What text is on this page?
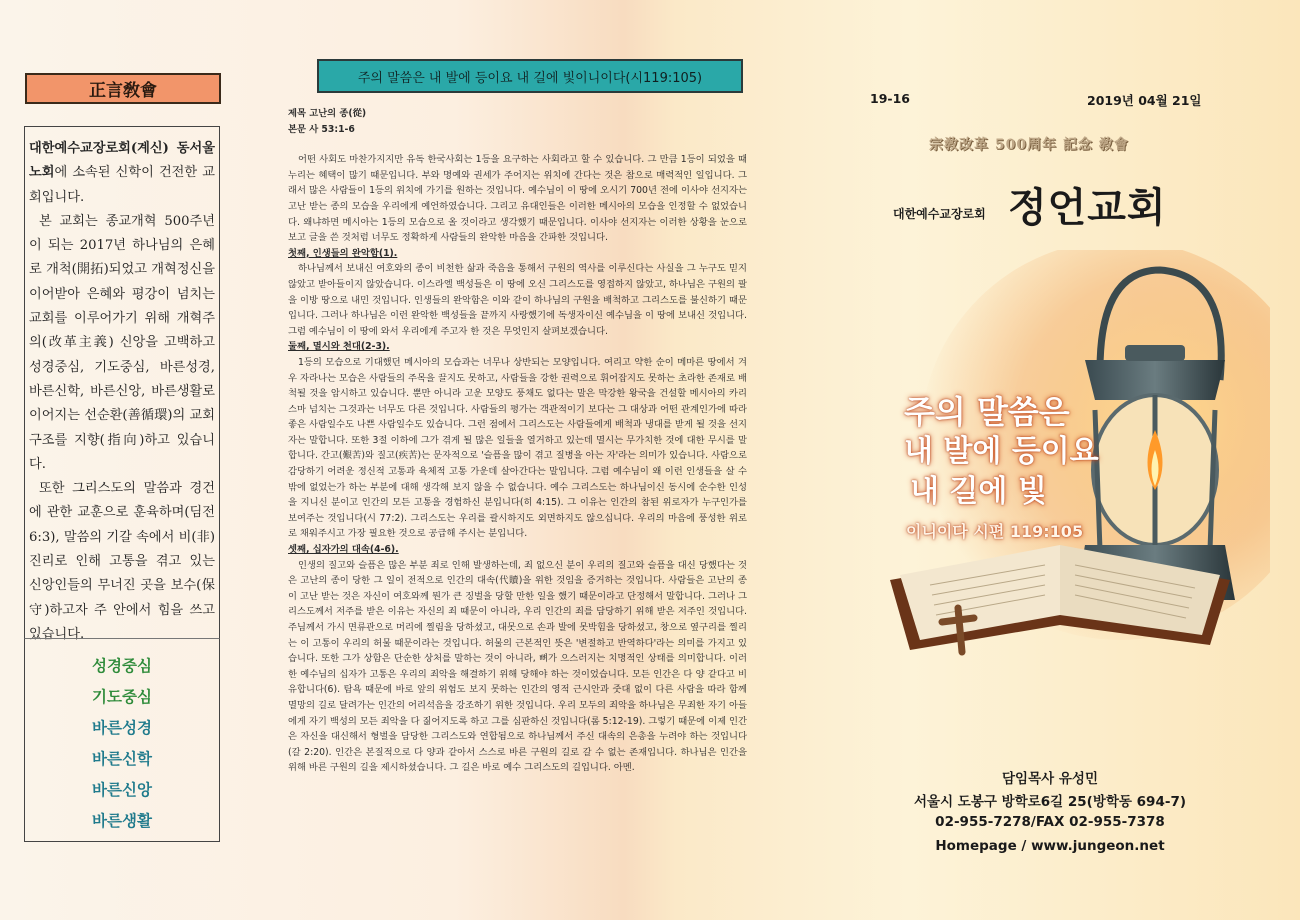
正言敎會

대한예수교장로회(계신) 동서울 노회에 소속된 신학이 건전한 교회입니다.

본 교회는 종교개혁 500주년이 되는 2017년 하나님의 은혜로 개척(開拓)되었고 개혁정신을 이어받아 은혜와 평강이 넘치는 교회를 이루어가기 위해 개혁주의(改革主義) 신앙을 고백하고 성경중심, 기도중심, 바른성경, 바른신학, 바른신앙, 바른생활로 이어지는 선순환(善循環)의 교회 구조를 지향(指向)하고 있습니다.

또한 그리스도의 말씀과 경건에 관한 교훈으로 훈육하며(딤전 6:3), 말씀의 기갈 속에서 비(非) 진리로 인해 고통을 겪고 있는 신앙인들의 무너진 곳을 보수(保守)하고자 주 안에서 힘을 쓰고 있습니다.

성경중심
기도중심
바른성경
바른신학
바른신앙
바른생활
주의 말씀은 내 발에 등이요 내 길에 빛이니이다(시119:105)

제목 고난의 종(從)

본문 사 53:1-6

어떤 사회도 마찬가지지만 유독 한국사회는 1등을 요구하는 사회라고 할 수 있습니다. 그 만큼 1등이 되었을 때 누리는 혜택이 많기 때문입니다. 부와 명예와 권세가 주어지는 위치에 간다는 것은 참으로 매력적인 일입니다. 그래서 많은 사람들이 1등의 위치에 가기를 원하는 것입니다. 예수님이 이 땅에 오시기 700년 전에 이사야 선지자는 고난 받는 종의 모습을 우리에게 예언하였습니다. 그리고 유대인들은 이러한 메시아의 모습을 인정할 수 없었습니다. 왜냐하면 메시아는 1등의 모습으로 올 것이라고 생각했기 때문입니다. 이사야 선지자는 이러한 상황을 눈으로 보고 글을 쓴 것처럼 너무도 정확하게 사람들의 완악한 마음을 간파한 것입니다.

첫째, 인생들의 완악함(1).

하나님께서 보내신 여호와의 종이 비천한 삶과 죽음을 통해서 구원의 역사를 이루신다는 사실을 그 누구도 믿지 않았고 받아들이지 않았습니다. 이스라엘 백성들은 이 땅에 오신 그리스도를 영접하지 않았고, 하나님은 구원의 팔을 이방 땅으로 내민 것입니다. 인생들의 완악함은 이와 같이 하나님의 구원을 배척하고 그리스도를 불신하기 때문입니다. 그러나 하나님은 이런 완악한 백성들을 끝까지 사랑했기에 독생자이신 예수님을 이 땅에 보내신 것입니다. 그럼 예수님이 이 땅에 와서 우리에게 주고자 한 것은 무엇인지 살펴보겠습니다.

둘째, 멸시와 천대(2-3).

1등의 모습으로 기대했던 메시아의 모습과는 너무나 상반되는 모양입니다. 여리고 약한 순이 메마른 땅에서 겨우 자라나는 모습은 사람들의 주목을 끌지도 못하고, 사람들을 강한 권력으로 휘어잡지도 못하는 초라한 존재로 배척될 것을 암시하고 있습니다. 뿐만 아니라 고운 모양도 풍채도 없다는 말은 막강한 왕국을 건설할 메시아의 카리스마 넘치는 그것과는 너무도 다른 것입니다. 사람들의 평가는 객관적이기 보다는 그 대상과 어떤 관계인가에 따라 좋은 사람일수도 나쁜 사람일수도 있습니다. 그런 점에서 그리스도는 사람들에게 배척과 냉대를 받게 될 것을 선지자는 말합니다. 또한 3절 이하에 그가 겪게 될 많은 일들을 열거하고 있는데 멸시는 무가치한 것에 대한 무시를 말합니다. 간고(艱苦)와 질고(疾苦)는 문자적으로 '슬픔을 많이 겪고 질병을 아는 자'라는 의미가 있습니다. 사람으로 감당하기 어려운 정신적 고통과 육체적 고통 가운데 살아간다는 말입니다. 그럼 예수님이 왜 이런 인생들을 살 수 밖에 없었는가 하는 부분에 대해 생각해 보지 않을 수 없습니다. 예수 그리스도는 하나님이신 동시에 순수한 인성을 지니신 분이고 인간의 모든 고통을 경험하신 분입니다(히 4:15). 그 이유는 인간의 참된 위로자가 누구인가를 보여주는 것입니다(시 77:2). 그리스도는 우리를 괄시하지도 외면하지도 않으십니다. 우리의 마음에 풍성한 위로로 채워주시고 가장 필요한 것으로 공급해 주시는 분입니다.

셋째, 십자가의 대속(4-6).

인생의 질고와 슬픔은 많은 부분 죄로 인해 발생하는데, 죄 없으신 분이 우리의 질고와 슬픔을 대신 당했다는 것은 고난의 종이 당한 그 일이 전적으로 인간의 대속(代贖)을 위한 것임을 증거하는 것입니다. 사람들은 고난의 종이 고난 받는 것은 자신이 여호와께 뭔가 큰 징벌을 당할 만한 일을 했기 때문이라고 단정해서 말합니다. 그러나 그리스도께서 저주를 받은 이유는 자신의 죄 때문이 아니라, 우리 인간의 죄를 담당하기 위해 받은 저주인 것입니다. 주님께서 가시 면류관으로 머리에 찔림을 당하셨고, 대못으로 손과 발에 못박힘을 당하셨고, 창으로 옆구리를 찔리는 이 고통이 우리의 허물 때문이라는 것입니다. 허물의 근본적인 뜻은 '변절하고 반역하다'라는 의미를 가지고 있습니다. 또한 그가 상함은 단순한 상처를 말하는 것이 아니라, 뼈가 으스러지는 치명적인 상태를 의미합니다. 이러한 예수님의 십자가 고통은 우리의 죄악을 해결하기 위해 당해야 하는 것이었습니다. 모든 인간은 다 양 같다고 비유합니다(6). 탐욕 때문에 바로 앞의 위험도 보지 못하는 인간의 영적 근시안과 줏대 없이 다른 사람을 따라 함께 멸망의 길로 달려가는 인간의 어리석음을 강조하기 위한 것입니다. 우리 모두의 죄악을 하나님은 무죄한 자기 아들에게 자기 백성의 모든 죄악을 다 짊어지도록 하고 그를 심판하신 것입니다(롬 5:12-19). 그렇기 때문에 이제 인간은 자신을 대신해서 형벌을 담당한 그리스도와 연합됨으로 하나님께서 주신 대속의 은총을 누려야 하는 것입니다(갈 2:20). 인간은 본질적으로 다 양과 같아서 스스로 바른 구원의 길로 갈 수 없는 존재입니다. 하나님은 인간을 위해 바른 구원의 길을 제시하셨습니다. 그 길은 바로 예수 그리스도의 길입니다. 아멘.

19-16	2019년 04월 21일
宗敎改革 500周年 記念 敎會
대한예수교장로회 정언교회
주의 말씀은
내 발에 등이요
내 길에 빛
이니이다 시편 119:105
담임목사 유성민
서울시 도봉구 방학로6길 25(방학동 694-7)
02-955-7278/FAX 02-955-7378
Homepage / www.jungeon.net
